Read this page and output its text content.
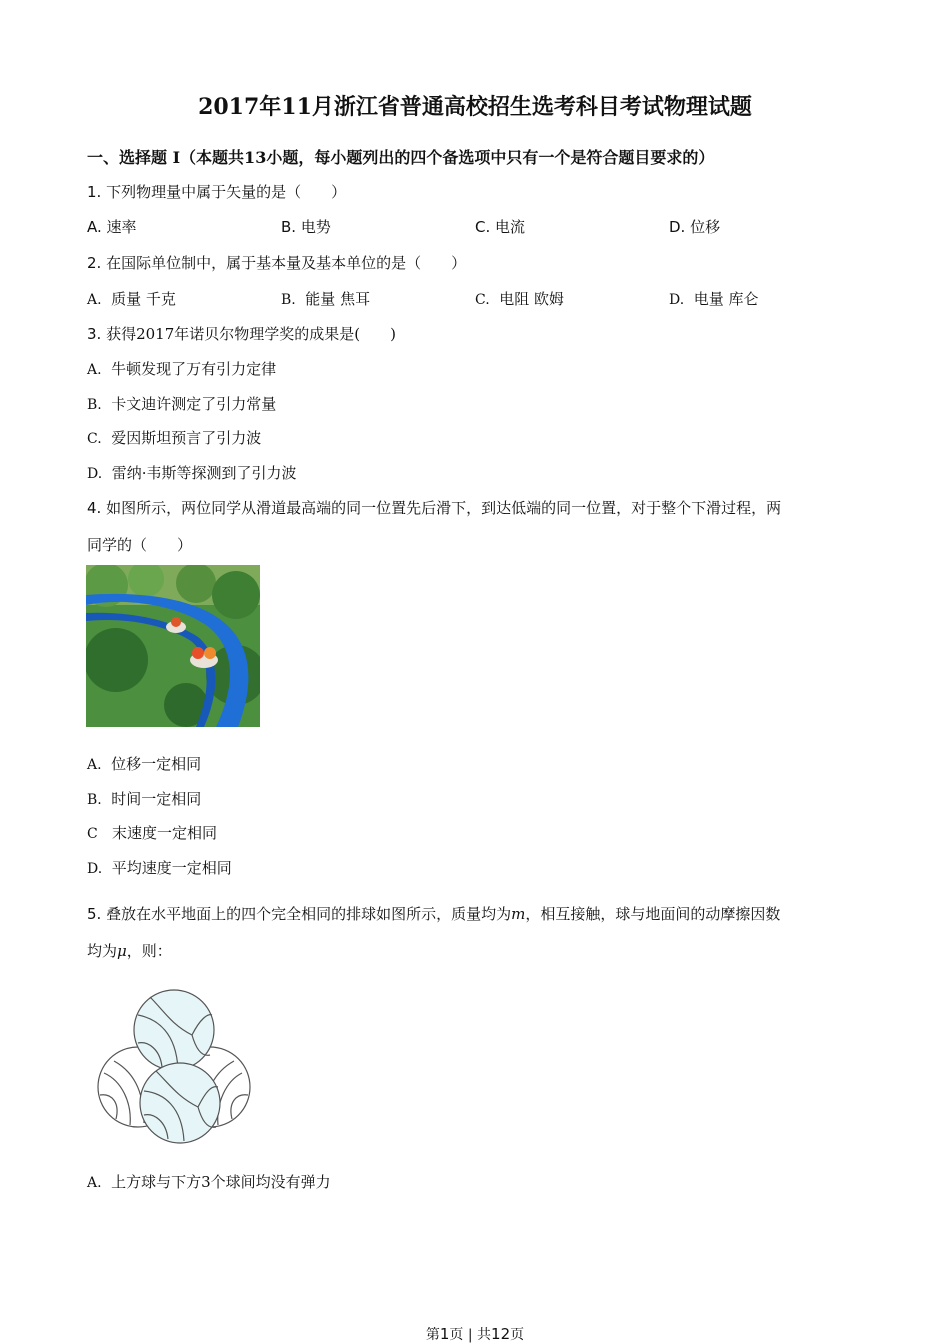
2017年11月浙江省普通高校招生选考科目考试物理试题
一、选择题 I（本题共13小题，每小题列出的四个备选项中只有一个是符合题目要求的）
1. 下列物理量中属于矢量的是（　　）
A. 速率	B. 电势	C. 电流	D. 位移
2. 在国际单位制中，属于基本量及基本单位的是（　　）
A. 质量 千克	B. 能量 焦耳	C. 电阻 欧姆	D. 电量 库仑
3. 获得2017年诺贝尔物理学奖的成果是(　　)
A. 牛顿发现了万有引力定律
B. 卡文迪许测定了引力常量
C. 爱因斯坦预言了引力波
D. 雷纳·韦斯等探测到了引力波
4. 如图所示，两位同学从滑道最高端的同一位置先后滑下，到达低端的同一位置，对于整个下滑过程，两
同学的（　　）
A. 位移一定相同
B. 时间一定相同
C 末速度一定相同
D. 平均速度一定相同
5. 叠放在水平地面上的四个完全相同的排球如图所示，质量均为m，相互接触，球与地面间的动摩擦因数
均为μ，则：
A. 上方球与下方3个球间均没有弹力
第1页 | 共12页
